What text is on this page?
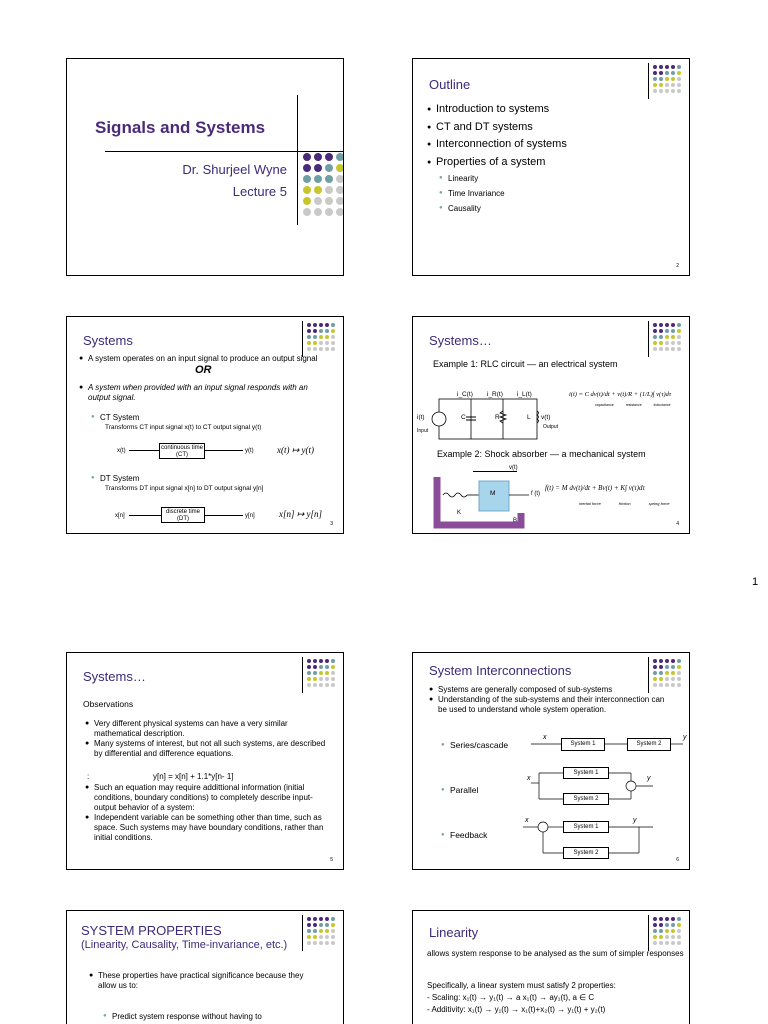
Signals and Systems
Dr. Shurjeel Wyne
Lecture 5
Outline
● Introduction to systems
● CT and DT systems
● Interconnection of systems
● Properties of a system
● Linearity
● Time Invariance
● Causality
2
Systems
● A system operates on an input signal to produce an output signal
OR
● A system when provided with an input signal responds with an output signal.
● CT System
Transforms CT input signal x(t) to CT output signal y(t)
x(t)	continuous time (CT)
y(t)	x(t) ↦ y(t)
● DT System
Transforms DT input signal x[n] to DT output signal y[n]
x[n]
discrete time (DT)	y[n]	x[n] ↦ y[n]
3
Systems…
Example 1: RLC circuit — an electrical system
i_C(t) i_R(t) i_L(t)
i(t)
Input
C	R	L v(t)
Output
i(t) = C dv(t)/dt + v(t)/R + (1/L)∫ v(τ)dτ
capacitance	resistance	inductance
Example 2: Shock absorber — a mechanical system
v(t)
M
K
B
f (t)
f(t) = M dv(t)/dt + Bv(t) + K∫ v(τ)dτ
inertial force	friction	spring force
4
1
Systems…
Observations
● Very different physical systems can have a very similar mathematical description.
● Many systems of interest, but not all such systems, are described by differential and difference equations.
:	y[n] = x[n] + 1.1*y[n- 1]
● Such an equation may require addittional information (initial conditions, boundary conditions) to completely describe input-output behavior of a system:
● Independent variable can be something other than time, such as space. Such systems may have boundary conditions, rather than initial conditions.
5
System Interconnections
● Systems are generally composed of sub-systems
● Understanding of the sub-systems and their interconnection can be used to understand whole system operation.
● Series/cascade
● Parallel
● Feedback
x
System 1	System 2
y
x
System 1
System 2
y
x
System 1
System 2
y
6
SYSTEM PROPERTIES
(Linearity, Causality, Time-invariance, etc.)
● These properties have practical significance because they allow us to:
● Predict system response without having to
Linearity
allows system response to be analysed as the sum of simpler responses
Specifically, a linear system must satisfy 2 properties:
- Scaling: x₁(t) → y₁(t) → a x₁(t) → ay₁(t), a ∈ C
- Additivity: x₁(t) → y₁(t) → x₁(t)+x₂(t) → y₁(t) + y₂(t)
